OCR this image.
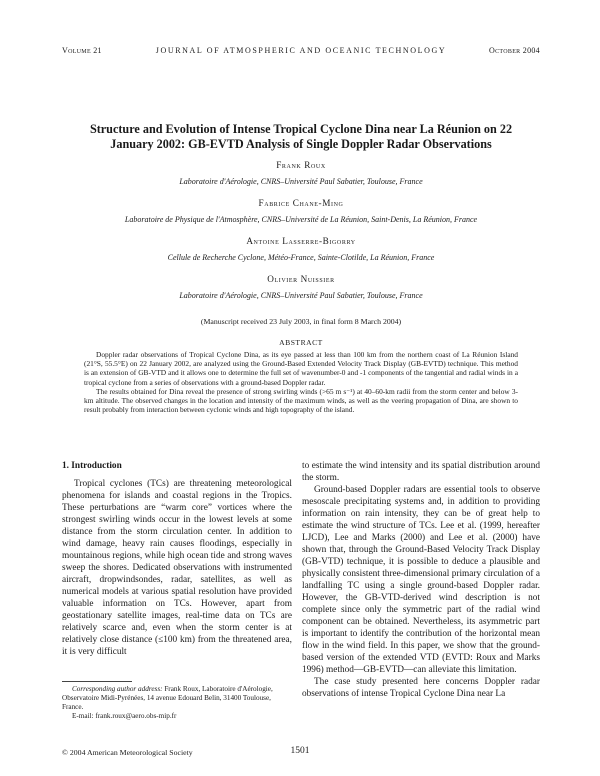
Volume 21	JOURNAL OF ATMOSPHERIC AND OCEANIC TECHNOLOGY	October 2004
Structure and Evolution of Intense Tropical Cyclone Dina near La Réunion on 22
January 2002: GB-EVTD Analysis of Single Doppler Radar Observations
Frank Roux
Laboratoire d'Aérologie, CNRS–Université Paul Sabatier, Toulouse, France
Fabrice Chane-Ming
Laboratoire de Physique de l'Atmosphère, CNRS–Université de La Réunion, Saint-Denis, La Réunion, France
Antoine Lasserre-Bigorry
Cellule de Recherche Cyclone, Météo-France, Sainte-Clotilde, La Réunion, France
Olivier Nuissier
Laboratoire d'Aérologie, CNRS–Université Paul Sabatier, Toulouse, France
(Manuscript received 23 July 2003, in final form 8 March 2004)
ABSTRACT

Doppler radar observations of Tropical Cyclone Dina, as its eye passed at less than 100 km from the northern coast of La Réunion Island (21°S, 55.5°E) on 22 January 2002, are analyzed using the Ground-Based Extended Velocity Track Display (GB-EVTD) technique. This method is an extension of GB-VTD and it allows one to determine the full set of wavenumber-0 and -1 components of the tangential and radial winds in a tropical cyclone from a series of observations with a ground-based Doppler radar.

The results obtained for Dina reveal the presence of strong swirling winds (>65 m s⁻¹) at 40–60-km radii from the storm center and below 3-km altitude. The observed changes in the location and intensity of the maximum winds, as well as the veering propagation of Dina, are shown to result probably from interaction between cyclonic winds and high topography of the island.

1. Introduction

Tropical cyclones (TCs) are threatening meteorological phenomena for islands and coastal regions in the Tropics. These perturbations are “warm core” vortices where the strongest swirling winds occur in the lowest levels at some distance from the storm circulation center. In addition to wind damage, heavy rain causes floodings, especially in mountainous regions, while high ocean tide and strong waves sweep the shores. Dedicated observations with instrumented aircraft, dropwindsondes, radar, satellites, as well as numerical models at various spatial resolution have provided valuable information on TCs. However, apart from geostationary satellite images, real-time data on TCs are relatively scarce and, even when the storm center is at relatively close distance (≤100 km) from the threatened area, it is very difficult

to estimate the wind intensity and its spatial distribution around the storm.

Ground-based Doppler radars are essential tools to observe mesoscale precipitating systems and, in addition to providing information on rain intensity, they can be of great help to estimate the wind structure of TCs. Lee et al. (1999, hereafter LJCD), Lee and Marks (2000) and Lee et al. (2000) have shown that, through the Ground-Based Velocity Track Display (GB-VTD) technique, it is possible to deduce a plausible and physically consistent three-dimensional primary circulation of a landfalling TC using a single ground-based Doppler radar. However, the GB-VTD-derived wind description is not complete since only the symmetric part of the radial wind component can be obtained. Nevertheless, its asymmetric part is important to identify the contribution of the horizontal mean flow in the wind field. In this paper, we show that the ground-based version of the extended VTD (EVTD: Roux and Marks 1996) method—GB-EVTD—can alleviate this limitation.

The case study presented here concerns Doppler radar observations of intense Tropical Cyclone Dina near La

Corresponding author address: Frank Roux, Laboratoire d'Aérologie, Observatoire Midi-Pyrénées, 14 avenue Edouard Belin, 31400 Toulouse, France.

E-mail: frank.roux@aero.obs-mip.fr

© 2004 American Meteorological Society	1501
